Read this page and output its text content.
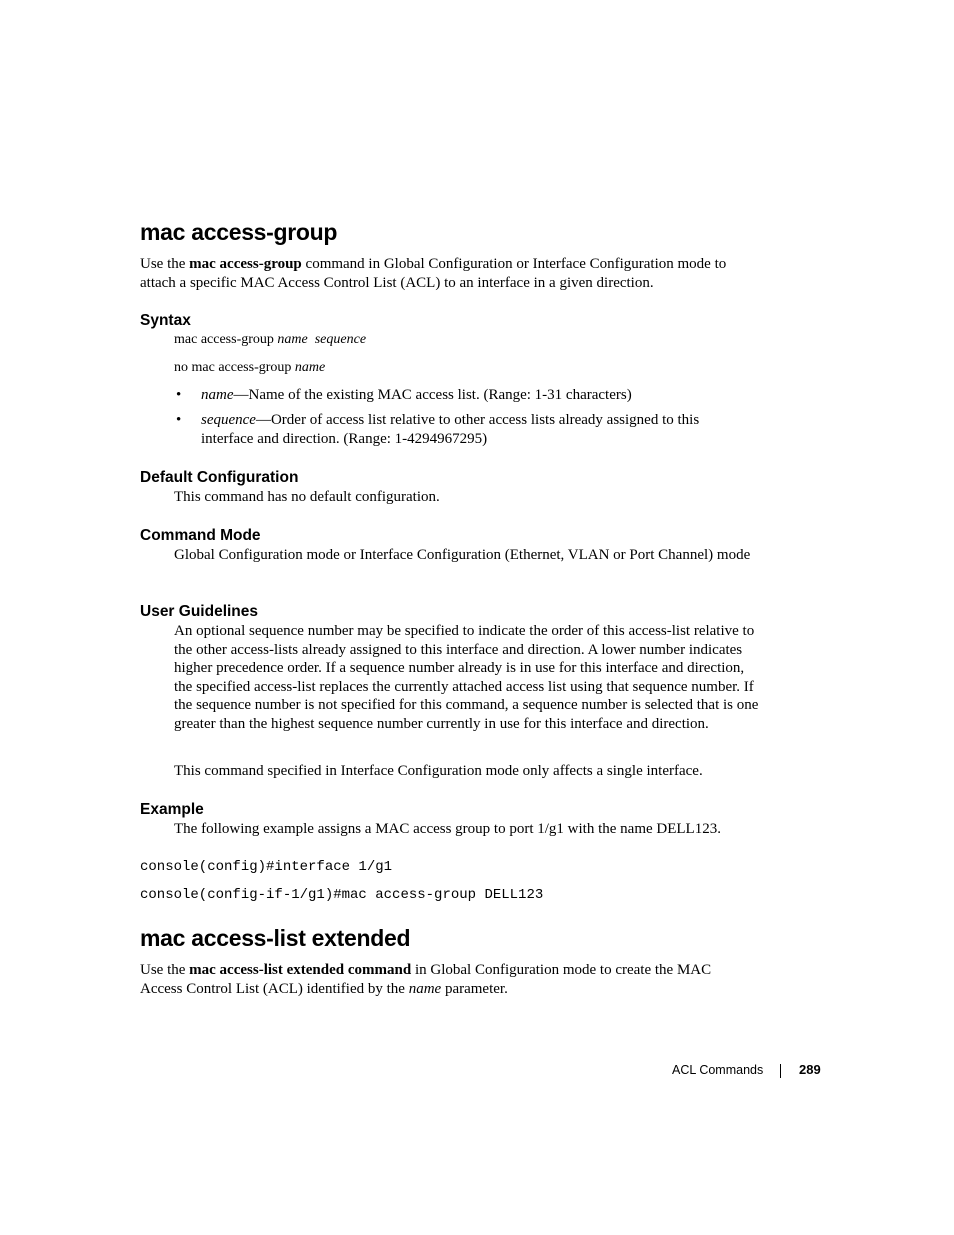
mac access-group
Use the mac access-group command in Global Configuration or Interface Configuration mode to attach a specific MAC Access Control List (ACL) to an interface in a given direction.
Syntax
mac access-group name  sequence
no mac access-group name
• name—Name of the existing MAC access list. (Range: 1-31 characters)
• sequence—Order of access list relative to other access lists already assigned to this interface and direction. (Range: 1-4294967295)
Default Configuration
This command has no default configuration.
Command Mode
Global Configuration mode or Interface Configuration (Ethernet, VLAN or Port Channel) mode
User Guidelines
An optional sequence number may be specified to indicate the order of this access-list relative to the other access-lists already assigned to this interface and direction. A lower number indicates higher precedence order. If a sequence number already is in use for this interface and direction, the specified access-list replaces the currently attached access list using that sequence number. If the sequence number is not specified for this command, a sequence number is selected that is one greater than the highest sequence number currently in use for this interface and direction.
This command specified in Interface Configuration mode only affects a single interface.
Example
The following example assigns a MAC access group to port 1/g1 with the name DELL123.
console(config)#interface 1/g1
console(config-if-1/g1)#mac access-group DELL123
mac access-list extended
Use the mac access-list extended command in Global Configuration mode to create the MAC Access Control List (ACL) identified by the name parameter.
ACL Commands	289
